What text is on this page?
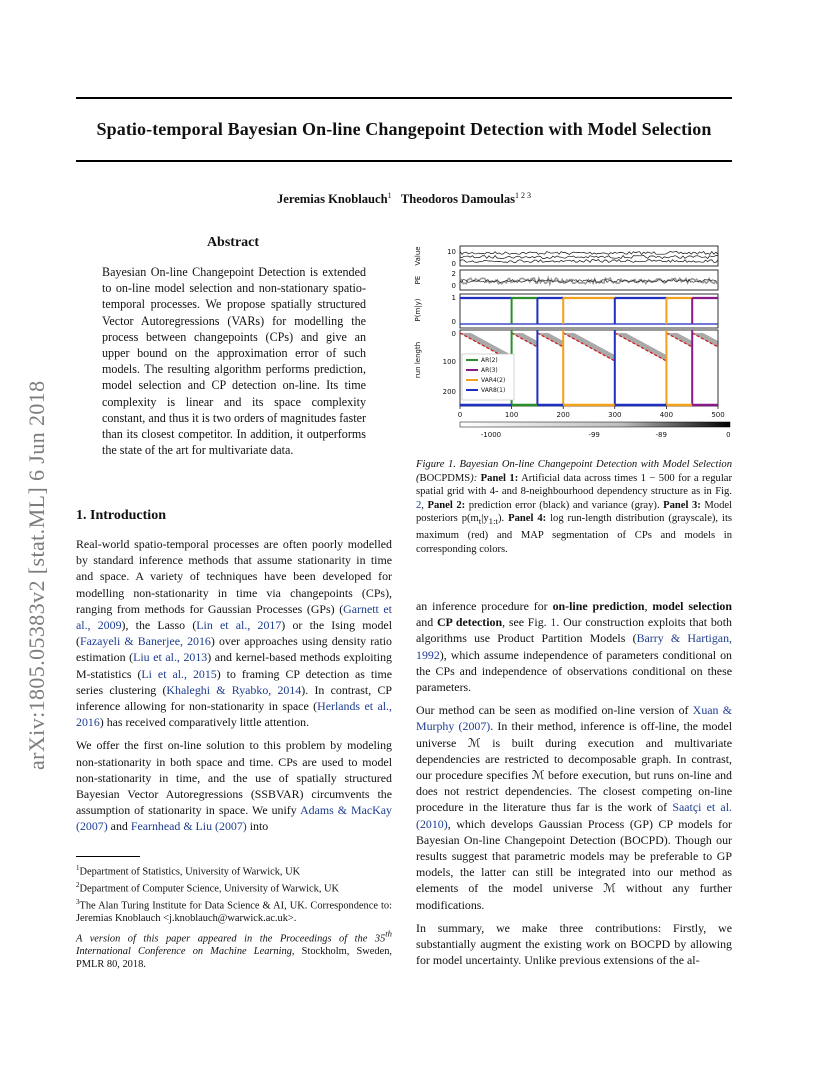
Spatio-temporal Bayesian On-line Changepoint Detection with Model Selection
Jeremias Knoblauch$^1$ Theodoros Damoulas$^{1 2 3}$
arXiv:1805.05383v2 [stat.ML] 6 Jun 2018
Abstract
Bayesian On-line Changepoint Detection is extended to on-line model selection and non-stationary spatio-temporal processes. We propose spatially structured Vector Autoregressions (VARs) for modelling the process between changepoints (CPs) and give an upper bound on the approximation error of such models. The resulting algorithm performs prediction, model selection and CP detection on-line. Its time complexity is linear and its space complexity constant, and thus it is two orders of magnitudes faster than its closest competitor. In addition, it outperforms the state of the art for multivariate data.
1. Introduction

Real-world spatio-temporal processes are often poorly modelled by standard inference methods that assume stationarity in time and space. A variety of techniques have been developed for modelling non-stationarity in time via changepoints (CPs), ranging from methods for Gaussian Processes (GPs) (Garnett et al., 2009), the Lasso (Lin et al., 2017) or the Ising model (Fazayeli & Banerjee, 2016) over approaches using density ratio estimation (Liu et al., 2013) and kernel-based methods exploiting M-statistics (Li et al., 2015) to framing CP detection as time series clustering (Khaleghi & Ryabko, 2014). In contrast, CP inference allowing for non-stationarity in space (Herlands et al., 2016) has received comparatively little attention.

We offer the first on-line solution to this problem by modeling non-stationarity in both space and time. CPs are used to model non-stationarity in time, and the use of spatially structured Bayesian Vector Autoregressions (SSBVAR) circumvents the assumption of stationarity in space. We unify Adams & MacKay (2007) and Fearnhead & Liu (2007) into

$^1$Department of Statistics, University of Warwick, UK
$^2$Department of Computer Science, University of Warwick, UK
$^3$The Alan Turing Institute for Data Science & AI, UK. Correspondence to: Jeremias Knoblauch <j.knoblauch@warwick.ac.uk>.
A version of this paper appeared in the Proceedings of the 35th International Conference on Machine Learning, Stockholm, Sweden, PMLR 80, 2018.
Value
PE
P(m|y)
run length
10
0
2
0
1
0
0
100
200
AR(2)
AR(3)
VAR4(2)
VAR8(1)
0	100	200	300	400	500
-1000	-99	-89	0
Figure 1. Bayesian On-line Changepoint Detection with Model Selection (BOCPDMS): Panel 1: Artificial data across times 1 − 500 for a regular spatial grid with 4- and 8-neighbourhood dependency structure as in Fig. 2, Panel 2: prediction error (black) and variance (gray). Panel 3: Model posteriors $p(m_t|y_{1:t})$. Panel 4: log run-length distribution (grayscale), its maximum (red) and MAP segmentation of CPs and models in corresponding colors.

an inference procedure for on-line prediction, model selection and CP detection, see Fig. 1. Our construction exploits that both algorithms use Product Partition Models (Barry & Hartigan, 1992), which assume independence of parameters conditional on the CPs and independence of observations conditional on these parameters.

Our method can be seen as modified on-line version of Xuan & Murphy (2007). In their method, inference is off-line, the model universe ℳ is built during execution and multivariate dependencies are restricted to decomposable graph. In contrast, our procedure specifies ℳ before execution, but runs on-line and does not restrict dependencies. The closest competing on-line procedure in the literature thus far is the work of Saatçi et al. (2010), which develops Gaussian Process (GP) CP models for Bayesian On-line Changepoint Detection (BOCPD). Though our results suggest that parametric models may be preferable to GP models, the latter can still be integrated into our method as elements of the model universe ℳ without any further modifications.

In summary, we make three contributions: Firstly, we substantially augment the existing work on BOCPD by allowing for model uncertainty. Unlike previous extensions of the al-
